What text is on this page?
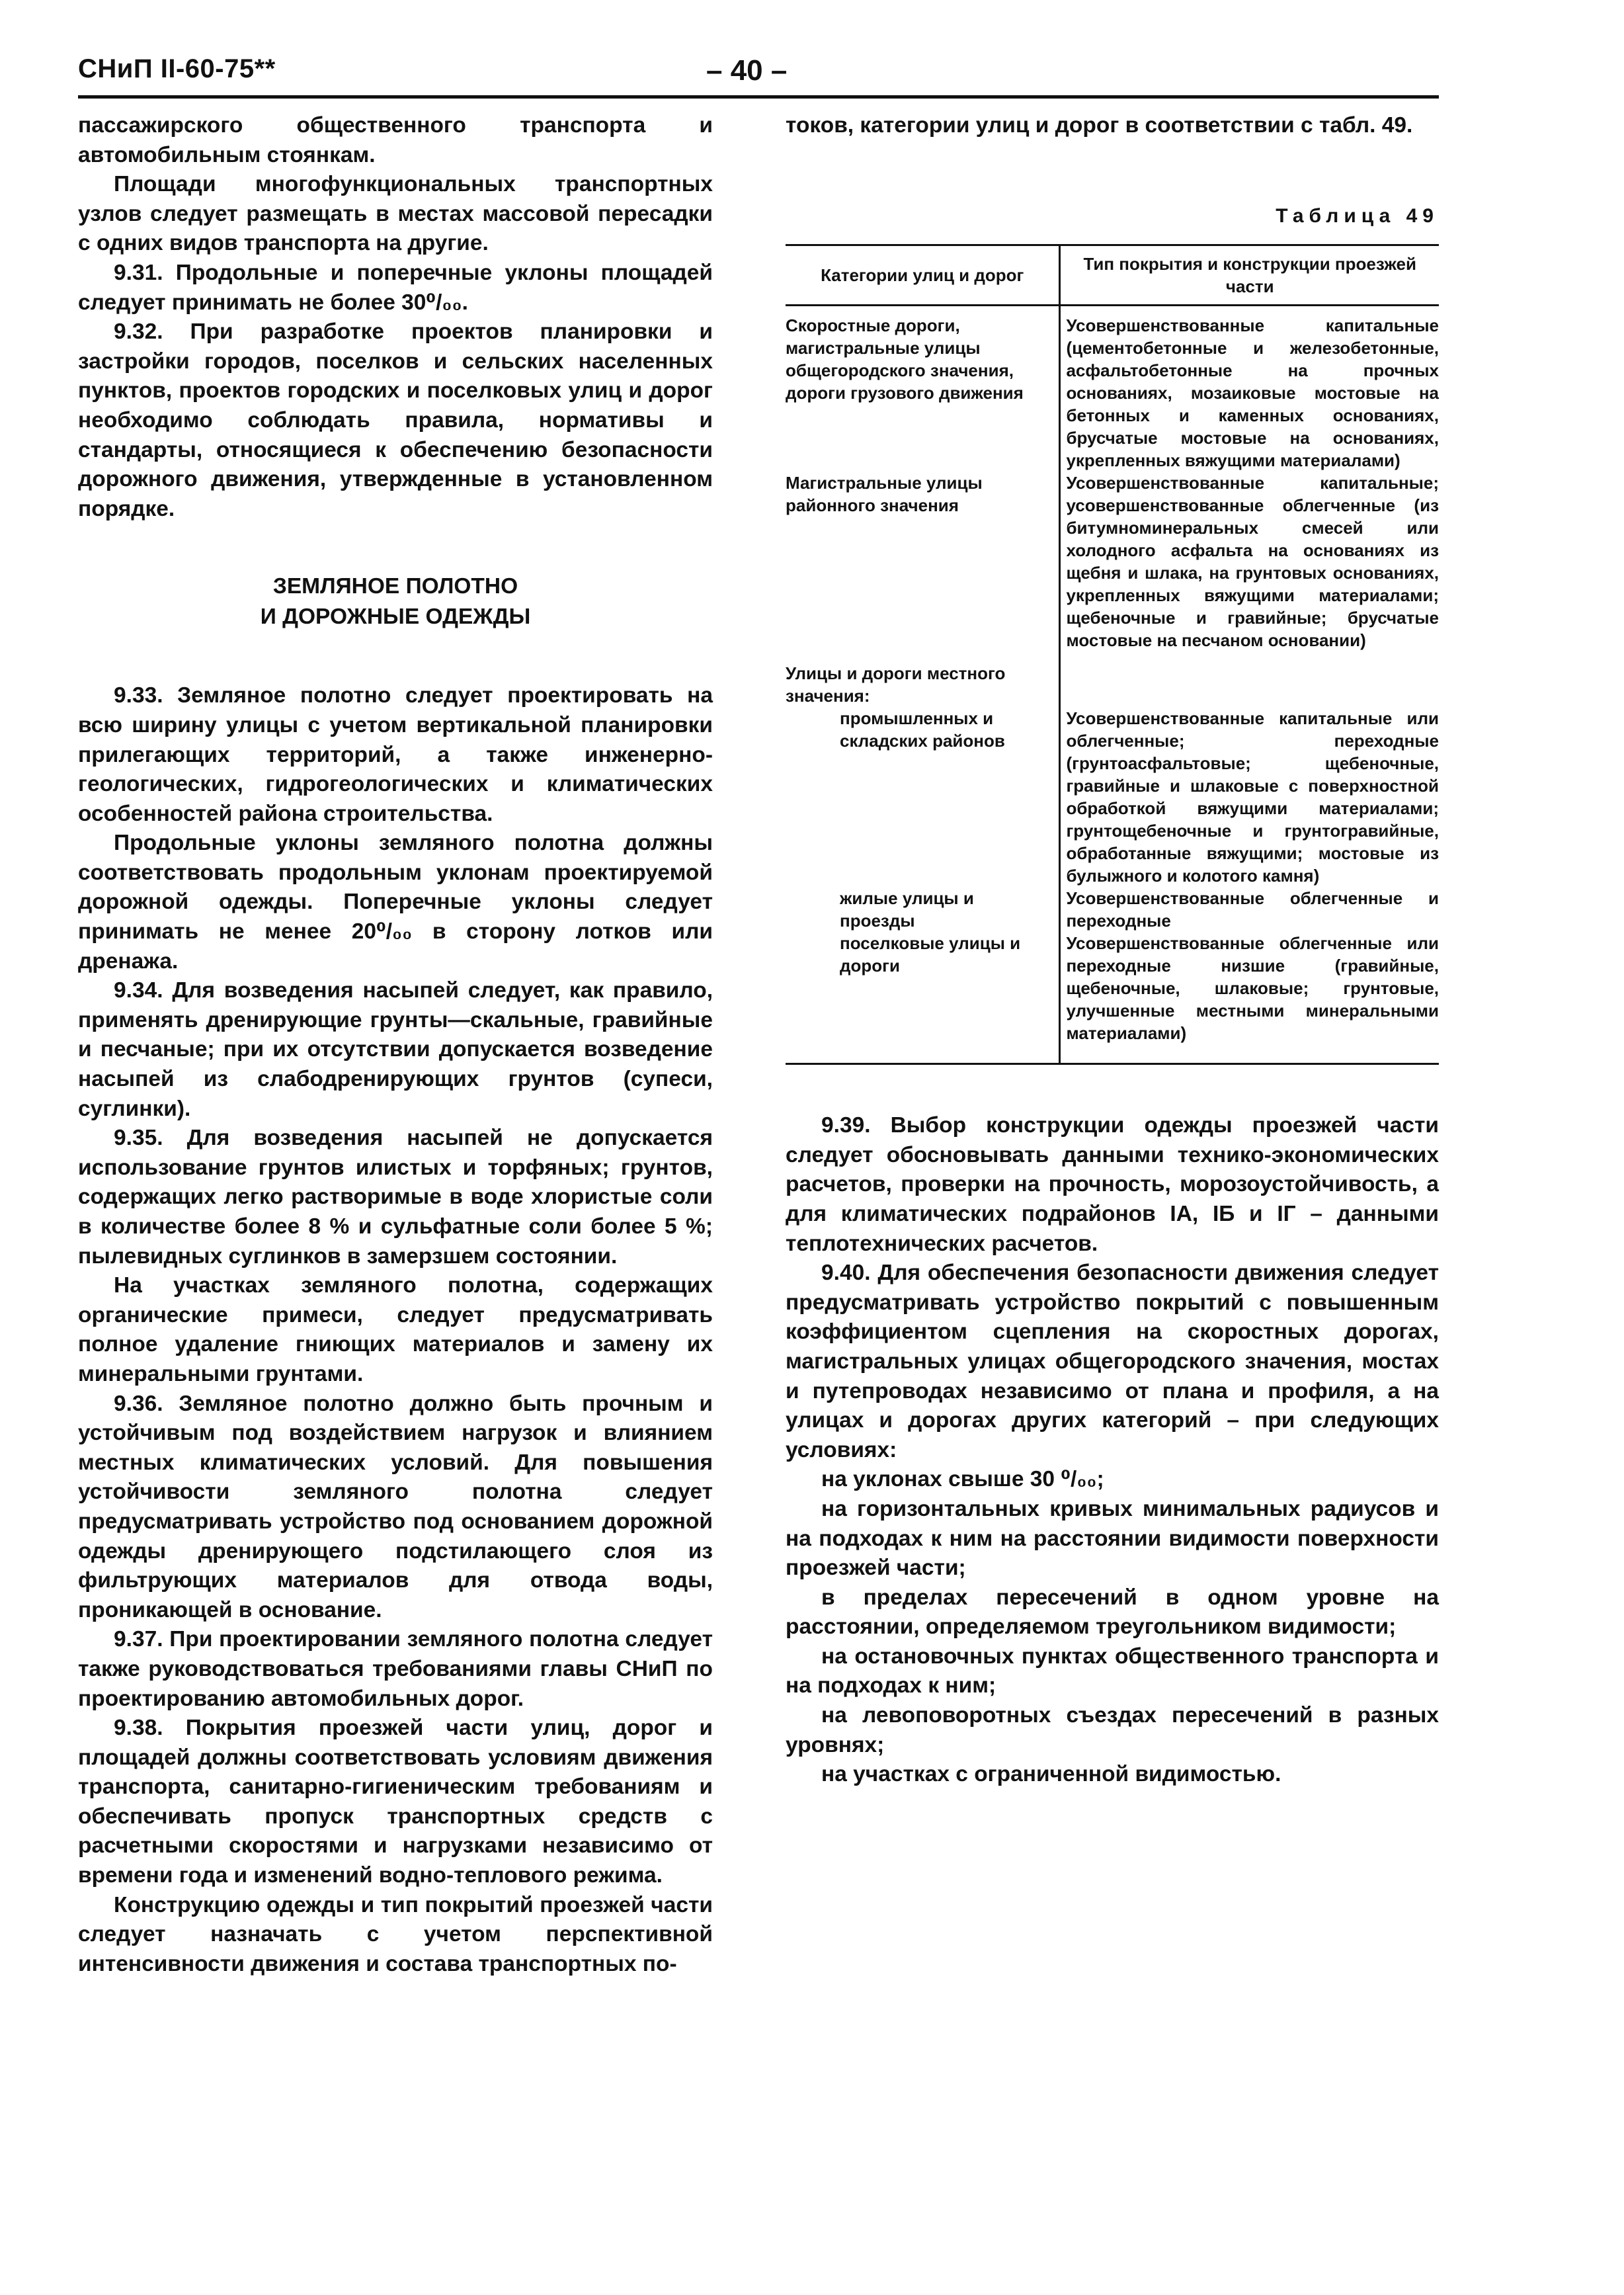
СНиП II-60-75**	– 40 –

пассажирского общественного транспорта и автомобильным стоянкам.

Площади многофункциональных транспортных узлов следует размещать в местах массовой пересадки с одних видов транспорта на другие.

9.31. Продольные и поперечные уклоны площадей следует принимать не более 30⁰/₀₀.

9.32. При разработке проектов планировки и застройки городов, поселков и сельских населенных пунктов, проектов городских и поселковых улиц и дорог необходимо соблюдать правила, нормативы и стандарты, относящиеся к обеспечению безопасности дорожного движения, утвержденные в установленном порядке.

ЗЕМЛЯНОЕ ПОЛОТНО
И ДОРОЖНЫЕ ОДЕЖДЫ

9.33. Земляное полотно следует проектировать на всю ширину улицы с учетом вертикальной планировки прилегающих территорий, а также инженерно-геологических, гидрогеологических и климатических особенностей района строительства.

Продольные уклоны земляного полотна должны соответствовать продольным уклонам проектируемой дорожной одежды. Поперечные уклоны следует принимать не менее 20⁰/₀₀ в сторону лотков или дренажа.

9.34. Для возведения насыпей следует, как правило, применять дренирующие грунты—скальные, гравийные и песчаные; при их отсутствии допускается возведение насыпей из слабодренирующих грунтов (супеси, суглинки).

9.35. Для возведения насыпей не допускается использование грунтов илистых и торфяных; грунтов, содержащих легко растворимые в воде хлористые соли в количестве более 8 % и сульфатные соли более 5 %; пылевидных суглинков в замерзшем состоянии.

На участках земляного полотна, содержащих органические примеси, следует предусматривать полное удаление гниющих материалов и замену их минеральными грунтами.

9.36. Земляное полотно должно быть прочным и устойчивым под воздействием нагрузок и влиянием местных климатических условий. Для повышения устойчивости земляного полотна следует предусматривать устройство под основанием дорожной одежды дренирующего подстилающего слоя из фильтрующих материалов для отвода воды, проникающей в основание.

9.37. При проектировании земляного полотна следует также руководствоваться требованиями главы СНиП по проектированию автомобильных дорог.

9.38. Покрытия проезжей части улиц, дорог и площадей должны соответствовать условиям движения транспорта, санитарно-гигиеническим требованиям и обеспечивать пропуск транспортных средств с расчетными скоростями и нагрузками независимо от времени года и изменений водно-теплового режима.

Конструкцию одежды и тип покрытий проезжей части следует назначать с учетом перспективной интенсивности движения и состава транспортных по-

токов, категории улиц и дорог в соответствии с табл. 49.

Таблица 49
Категории улиц и дорог	Тип покрытия и конструкции проезжей части
Скоростные дороги, магистральные улицы общегородского значения, дороги грузового движения	Усовершенствованные капитальные (цементобетонные и железобетонные, асфальтобетонные на прочных основаниях, мозаиковые мостовые на бетонных и каменных основаниях, брусчатые мостовые на основаниях, укрепленных вяжущими материалами)
Магистральные улицы районного значения	Усовершенствованные капитальные; усовершенствованные облегченные (из битумноминеральных смесей или холодного асфальта на основаниях из щебня и шлака, на грунтовых основаниях, укрепленных вяжущими материалами; щебеночные и гравийные; брусчатые мостовые на песчаном основании)
Улицы и дороги местного значения:	
промышленных и складских районов	Усовершенствованные капитальные или облегченные; переходные (грунтоасфальтовые; щебеночные, гравийные и шлаковые с поверхностной обработкой вяжущими материалами; грунтощебеночные и грунтогравийные, обработанные вяжущими; мостовые из булыжного и колотого камня)
жилые улицы и проезды	Усовершенствованные облегченные и переходные
поселковые улицы и дороги	Усовершенствованные облегченные или переходные низшие (гравийные, щебеночные, шлаковые; грунтовые, улучшенные местными минеральными материалами)

9.39. Выбор конструкции одежды проезжей части следует обосновывать данными технико-экономических расчетов, проверки на прочность, морозоустойчивость, а для климатических подрайонов IA, IБ и IГ – данными теплотехнических расчетов.

9.40. Для обеспечения безопасности движения следует предусматривать устройство покрытий с повышенным коэффициентом сцепления на скоростных дорогах, магистральных улицах общегородского значения, мостах и путепроводах независимо от плана и профиля, а на улицах и дорогах других категорий – при следующих условиях:

на уклонах свыше 30 ⁰/₀₀;

на горизонтальных кривых минимальных радиусов и на подходах к ним на расстоянии видимости поверхности проезжей части;

в пределах пересечений в одном уровне на расстоянии, определяемом треугольником видимости;

на остановочных пунктах общественного транспорта и на подходах к ним;

на левоповоротных съездах пересечений в разных уровнях;

на участках с ограниченной видимостью.
